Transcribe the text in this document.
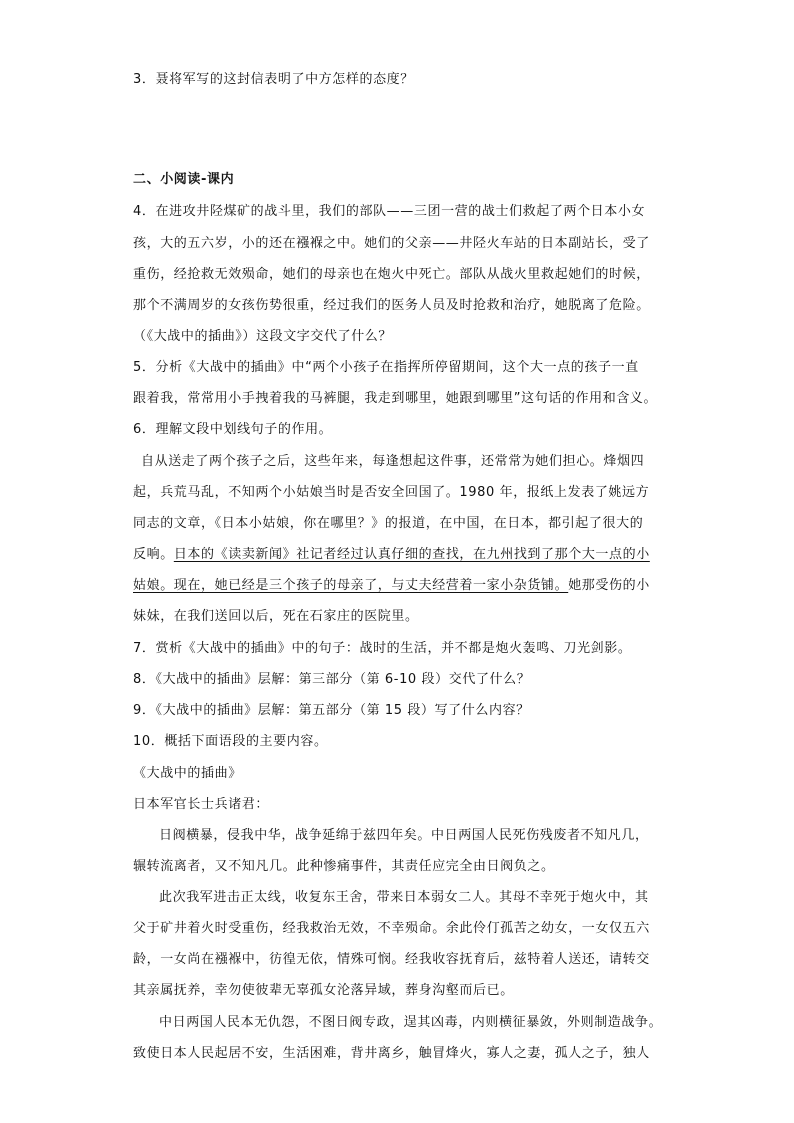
3．聂将军写的这封信表明了中方怎样的态度？
二、小阅读-课内
4．在进攻井陉煤矿的战斗里，我们的部队——三团一营的战士们救起了两个日本小女
孩，大的五六岁，小的还在襁褓之中。她们的父亲——井陉火车站的日本副站长，受了
重伤，经抢救无效殒命，她们的母亲也在炮火中死亡。部队从战火里救起她们的时候，
那个不满周岁的女孩伤势很重，经过我们的医务人员及时抢救和治疗，她脱离了危险。
（《大战中的插曲》）这段文字交代了什么？
5．分析《大战中的插曲》中“两个小孩子在指挥所停留期间，这个大一点的孩子一直
跟着我，常常用小手拽着我的马裤腿，我走到哪里，她跟到哪里”这句话的作用和含义。
6．理解文段中划线句子的作用。
自从送走了两个孩子之后，这些年来，每逢想起这件事，还常常为她们担心。烽烟四
起，兵荒马乱，不知两个小姑娘当时是否安全回国了。1980 年，报纸上发表了姚远方
同志的文章，《日本小姑娘，你在哪里？》的报道，在中国，在日本，都引起了很大的
反响。日本的《读卖新闻》社记者经过认真仔细的查找，在九州找到了那个大一点的小
姑娘。现在，她已经是三个孩子的母亲了，与丈夫经营着一家小杂货铺。她那受伤的小
妹妹，在我们送回以后，死在石家庄的医院里。
7．赏析《大战中的插曲》中的句子：战时的生活，并不都是炮火轰鸣、刀光剑影。
8．《大战中的插曲》层解：第三部分（第 6-10 段）交代了什么？
9．《大战中的插曲》层解：第五部分（第 15 段）写了什么内容？
10．概括下面语段的主要内容。
《大战中的插曲》
日本军官长士兵诸君：
日阀横暴，侵我中华，战争延绵于兹四年矣。中日两国人民死伤残废者不知凡几，
辗转流离者，又不知凡几。此种惨痛事件，其责任应完全由日阀负之。
此次我军进击正太线，收复东王舍，带来日本弱女二人。其母不幸死于炮火中，其
父于矿井着火时受重伤，经我救治无效，不幸殒命。余此伶仃孤苦之幼女，一女仅五六
龄，一女尚在襁褓中，彷徨无依，情殊可悯。经我收容抚育后，兹特着人送还，请转交
其亲属抚养，幸勿使彼辈无辜孤女沦落异域，葬身沟壑而后已。
中日两国人民本无仇怨，不图日阀专政，逞其凶毒，内则横征暴敛，外则制造战争。
致使日本人民起居不安，生活困难，背井离乡，触冒烽火，寡人之妻，孤人之子，独人
